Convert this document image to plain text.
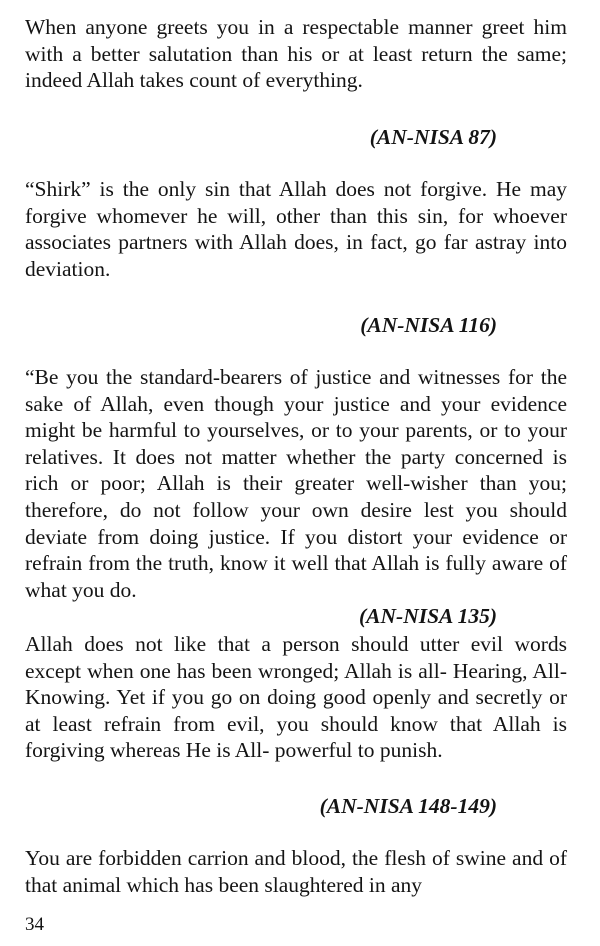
When anyone greets you in a respectable manner greet him with a better salutation than his or at least return the same; indeed Allah takes count of everything.

(AN-NISA 87)

“Shirk” is the only sin that Allah does not forgive. He may forgive whomever he will, other than this sin, for whoever associates partners with Allah does, in fact, go far astray into deviation.

(AN-NISA 116)

“Be you the standard-bearers of justice and witnesses for the sake of Allah, even though your justice and your evidence might be harmful to yourselves, or to your parents, or to your relatives. It does not matter whether the party concerned is rich or poor; Allah is their greater well-wisher than you; therefore, do not follow your own desire lest you should deviate from doing justice. If you distort your evidence or refrain from the truth, know it well that Allah is fully aware of what you do.

(AN-NISA 135)

Allah does not like that a person should utter evil words except when one has been wronged; Allah is all- Hearing, All- Knowing. Yet if you go on doing good openly and secretly or at least refrain from evil, you should know that Allah is forgiving whereas He is All- powerful to punish.

(AN-NISA 148-149)

You are forbidden carrion and blood, the flesh of swine and of that animal which has been slaughtered in any

34
